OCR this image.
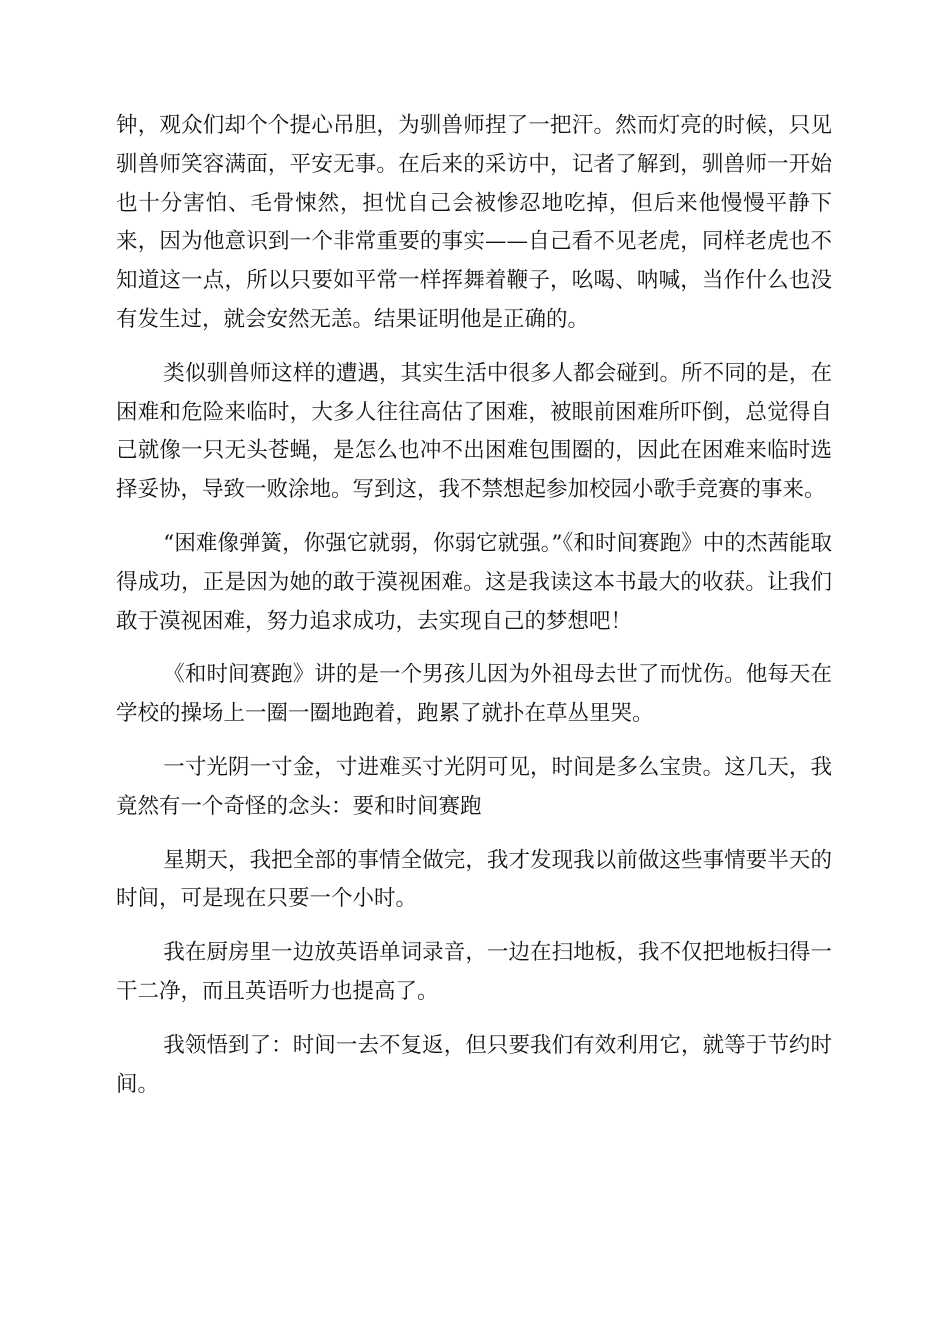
钟，观众们却个个提心吊胆，为驯兽师捏了一把汗。然而灯亮的时候，只见驯兽师笑容满面，平安无事。在后来的采访中，记者了解到，驯兽师一开始也十分害怕、毛骨悚然，担忧自己会被惨忍地吃掉，但后来他慢慢平静下来，因为他意识到一个非常重要的事实——自己看不见老虎，同样老虎也不知道这一点，所以只要如平常一样挥舞着鞭子，吆喝、呐喊，当作什么也没有发生过，就会安然无恙。结果证明他是正确的。

类似驯兽师这样的遭遇，其实生活中很多人都会碰到。所不同的是，在困难和危险来临时，大多人往往高估了困难，被眼前困难所吓倒，总觉得自己就像一只无头苍蝇，是怎么也冲不出困难包围圈的，因此在困难来临时选择妥协，导致一败涂地。写到这，我不禁想起参加校园小歌手竞赛的事来。

“困难像弹簧，你强它就弱，你弱它就强。”《和时间赛跑》中的杰茜能取得成功，正是因为她的敢于漠视困难。这是我读这本书最大的收获。让我们敢于漠视困难，努力追求成功，去实现自己的梦想吧！

《和时间赛跑》讲的是一个男孩儿因为外祖母去世了而忧伤。他每天在学校的操场上一圈一圈地跑着，跑累了就扑在草丛里哭。

一寸光阴一寸金，寸进难买寸光阴可见，时间是多么宝贵。这几天，我竟然有一个奇怪的念头：要和时间赛跑

星期天，我把全部的事情全做完，我才发现我以前做这些事情要半天的时间，可是现在只要一个小时。

我在厨房里一边放英语单词录音，一边在扫地板，我不仅把地板扫得一干二净，而且英语听力也提高了。

我领悟到了：时间一去不复返，但只要我们有效利用它，就等于节约时间。
